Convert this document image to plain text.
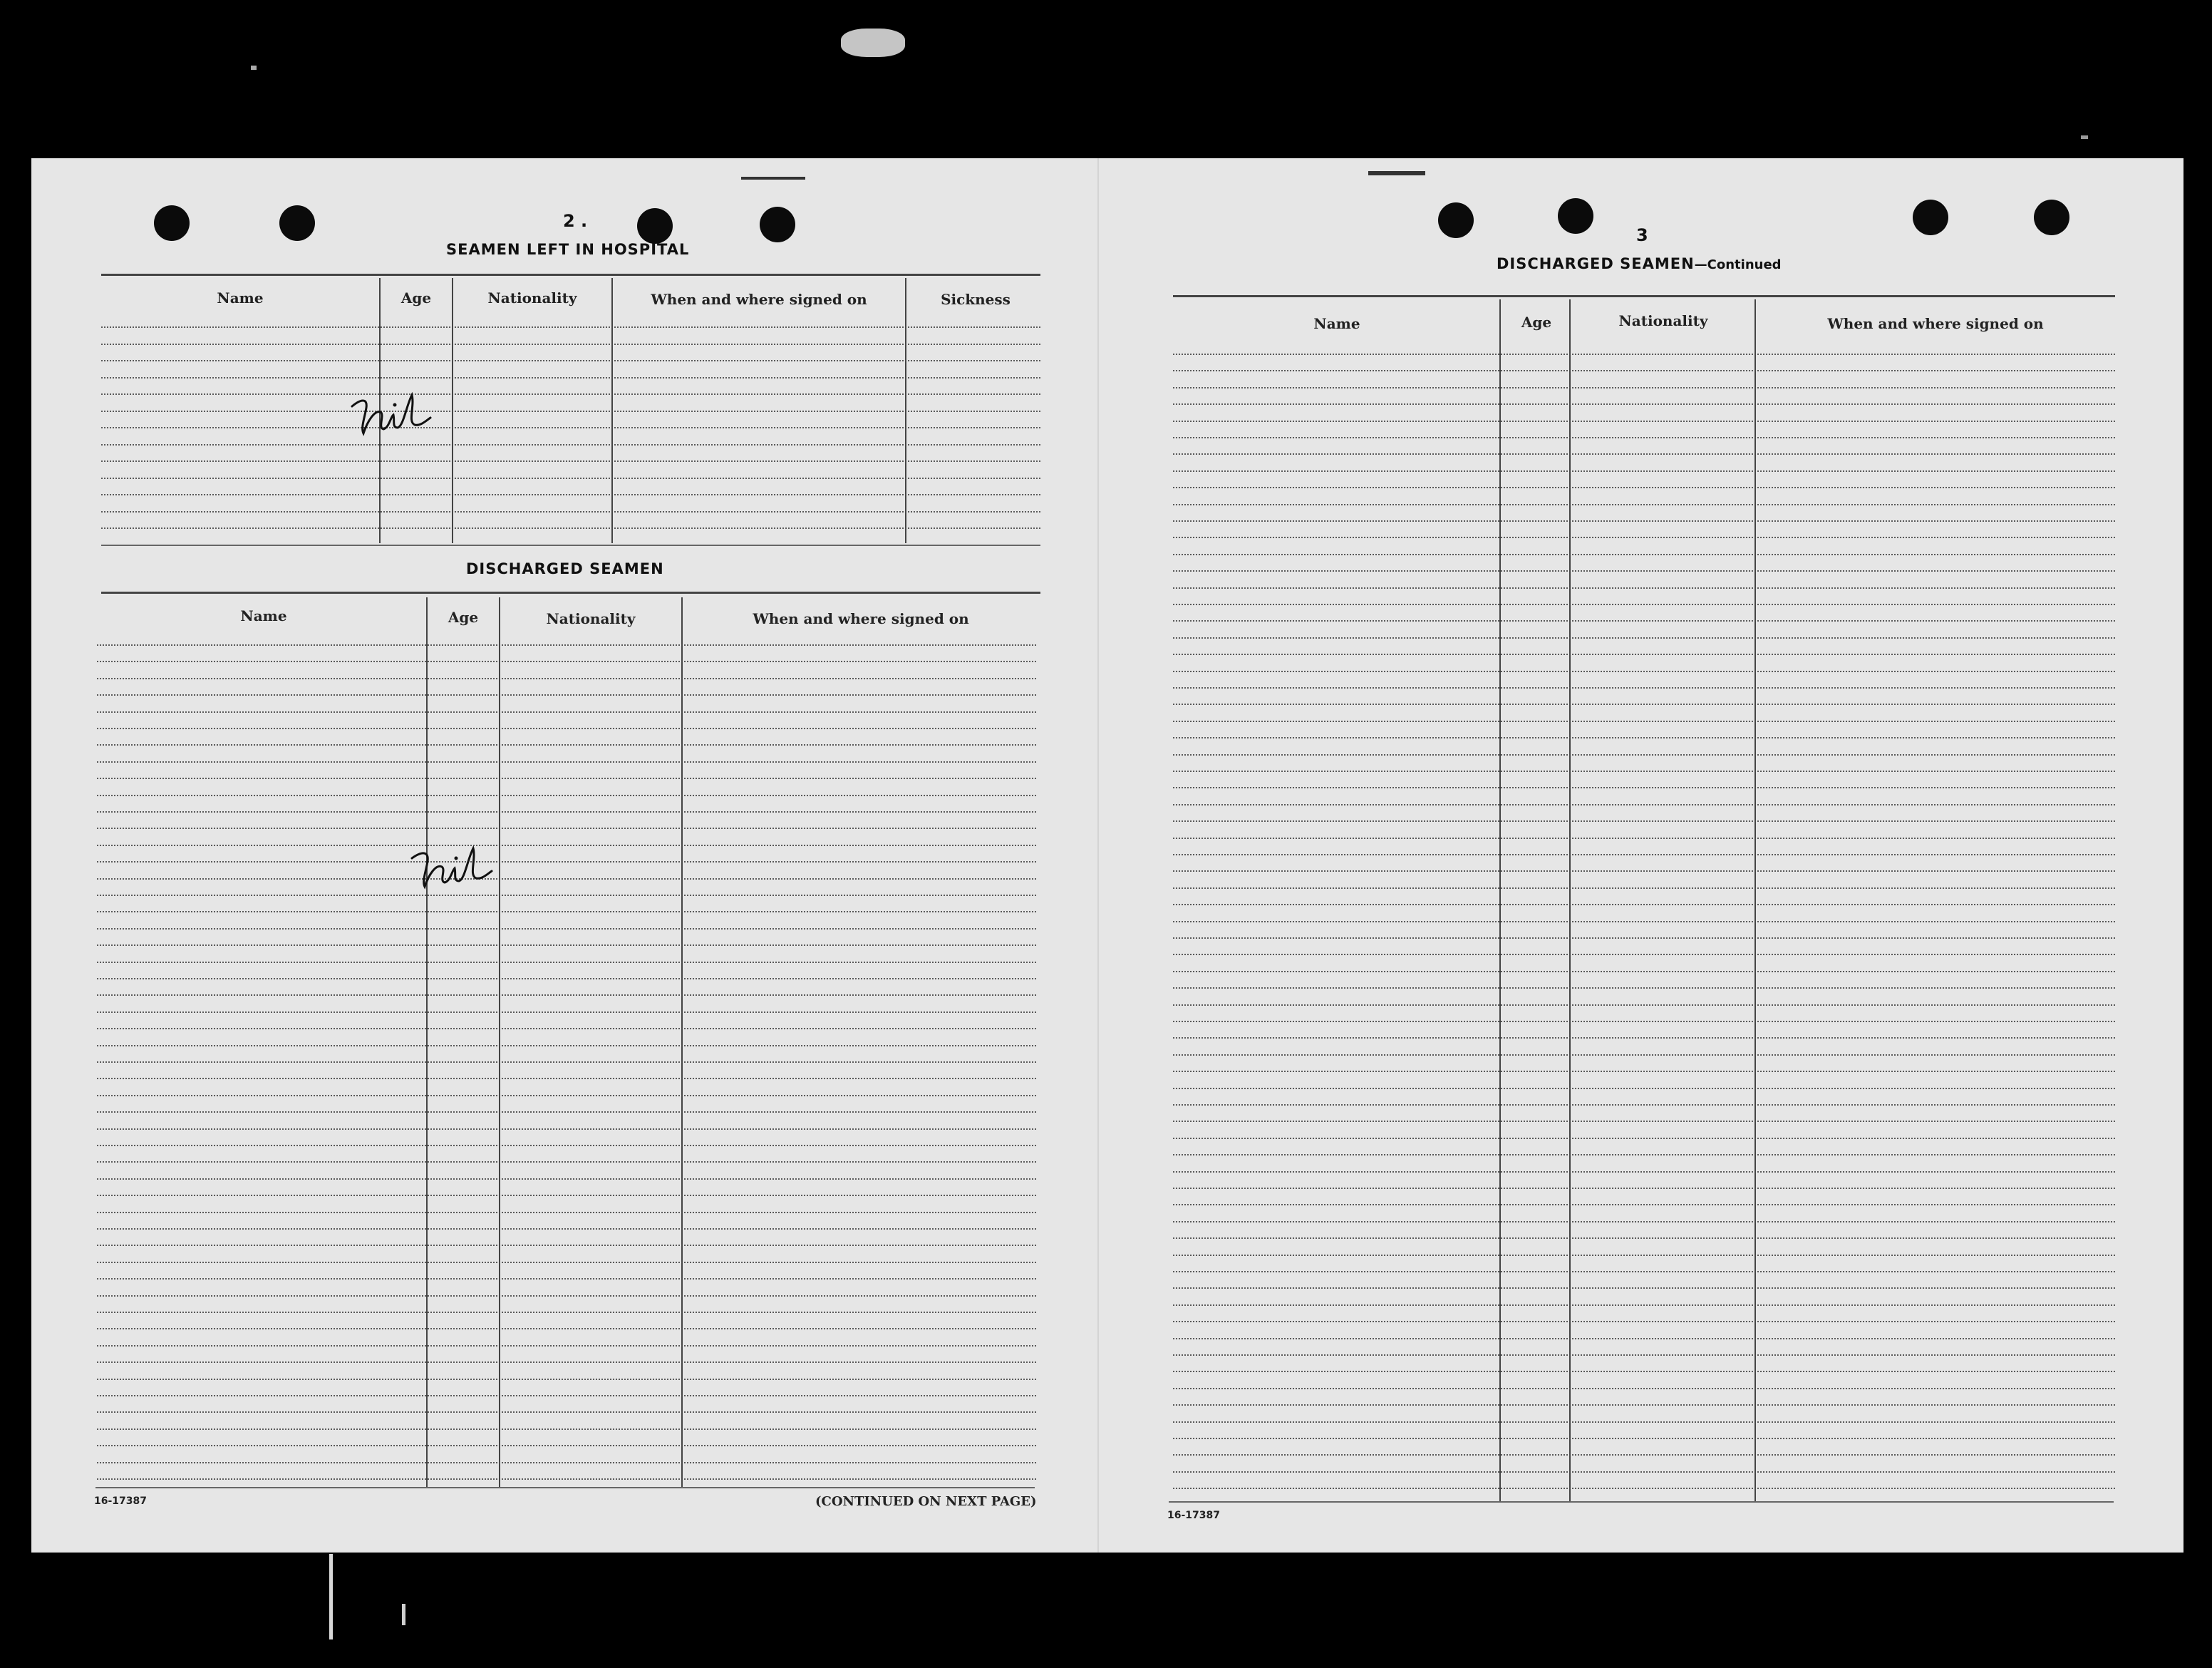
2 .
SEAMEN LEFT IN HOSPITAL
Name	Age	Nationality	When and where signed on	Sickness
DISCHARGED SEAMEN
Name	Age	Nationality	When and where signed on
16-17387	(CONTINUED ON NEXT PAGE)
3
DISCHARGED SEAMEN—Continued
Name	Age	Nationality	When and where signed on
16-17387
